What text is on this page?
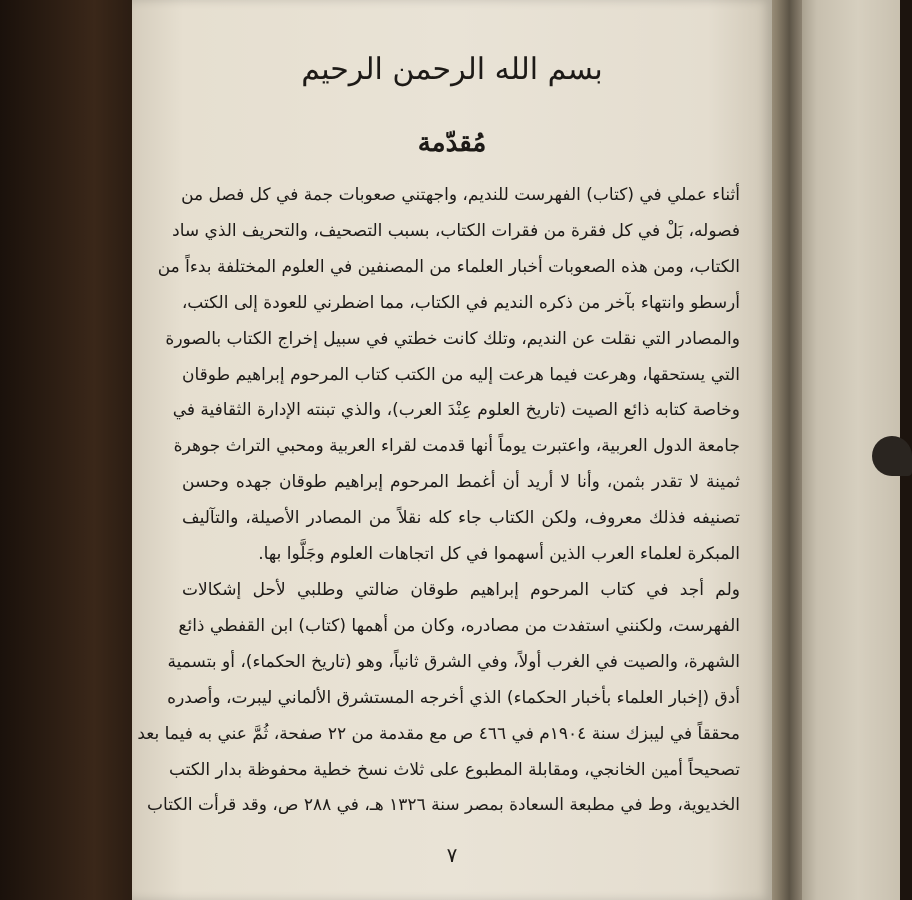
بسم الله الرحمن الرحيم
مُقدّمة
أثناء عملي في (كتاب) الفهرست للنديم، واجهتني صعوبات جمة في كل فصل من
فصوله، بَلْ في كل فقرة من فقرات الكتاب، بسبب التصحيف، والتحريف الذي ساد
الكتاب، ومن هذه الصعوبات أخبار العلماء من المصنفين في العلوم المختلفة بدءاً من
أرسطو وانتهاء بآخر من ذكره النديم في الكتاب، مما اضطرني للعودة إلى الكتب،
والمصادر التي نقلت عن النديم، وتلك كانت خطتي في سبيل إخراج الكتاب بالصورة
التي يستحقها، وهرعت فيما هرعت إليه من الكتب كتاب المرحوم إبراهيم طوقان
وخاصة كتابه ذائع الصيت (تاريخ العلوم عِنْدَ العرب)، والذي تبنته الإدارة الثقافية في
جامعة الدول العربية، واعتبرت يوماً أنها قدمت لقراء العربية ومحبي التراث جوهرة
ثمينة لا تقدر بثمن، وأنا لا أريد أن أغمط المرحوم إبراهيم طوقان جهده وحسن
تصنيفه فذلك معروف، ولكن الكتاب جاء كله نقلاً من المصادر الأصيلة، والتآليف
المبكرة لعلماء العرب الذين أسهموا في كل اتجاهات العلوم وجَلَّوا بها.
ولم أجد في كتاب المرحوم إبراهيم طوقان ضالتي وطلبي لأحل إشكالات
الفهرست، ولكنني استفدت من مصادره، وكان من أهمها (كتاب) ابن القفطي ذائع
الشهرة، والصيت في الغرب أولاً، وفي الشرق ثانياً، وهو (تاريخ الحكماء)، أو بتسمية
أدق (إخبار العلماء بأخبار الحكماء) الذي أخرجه المستشرق الألماني ليبرت، وأصدره
محققاً في ليبزك سنة ١٩٠٤م في ٤٦٦ ص مع مقدمة من ٢٢ صفحة، ثُمَّ عني به فيما بعد
تصحيحاً أمين الخانجي، ومقابلة المطبوع على ثلاث نسخ خطية محفوظة بدار الكتب
الخديوية، وط في مطبعة السعادة بمصر سنة ١٣٢٦ هـ، في ٢٨٨ ص، وقد قرأت الكتاب
٧
